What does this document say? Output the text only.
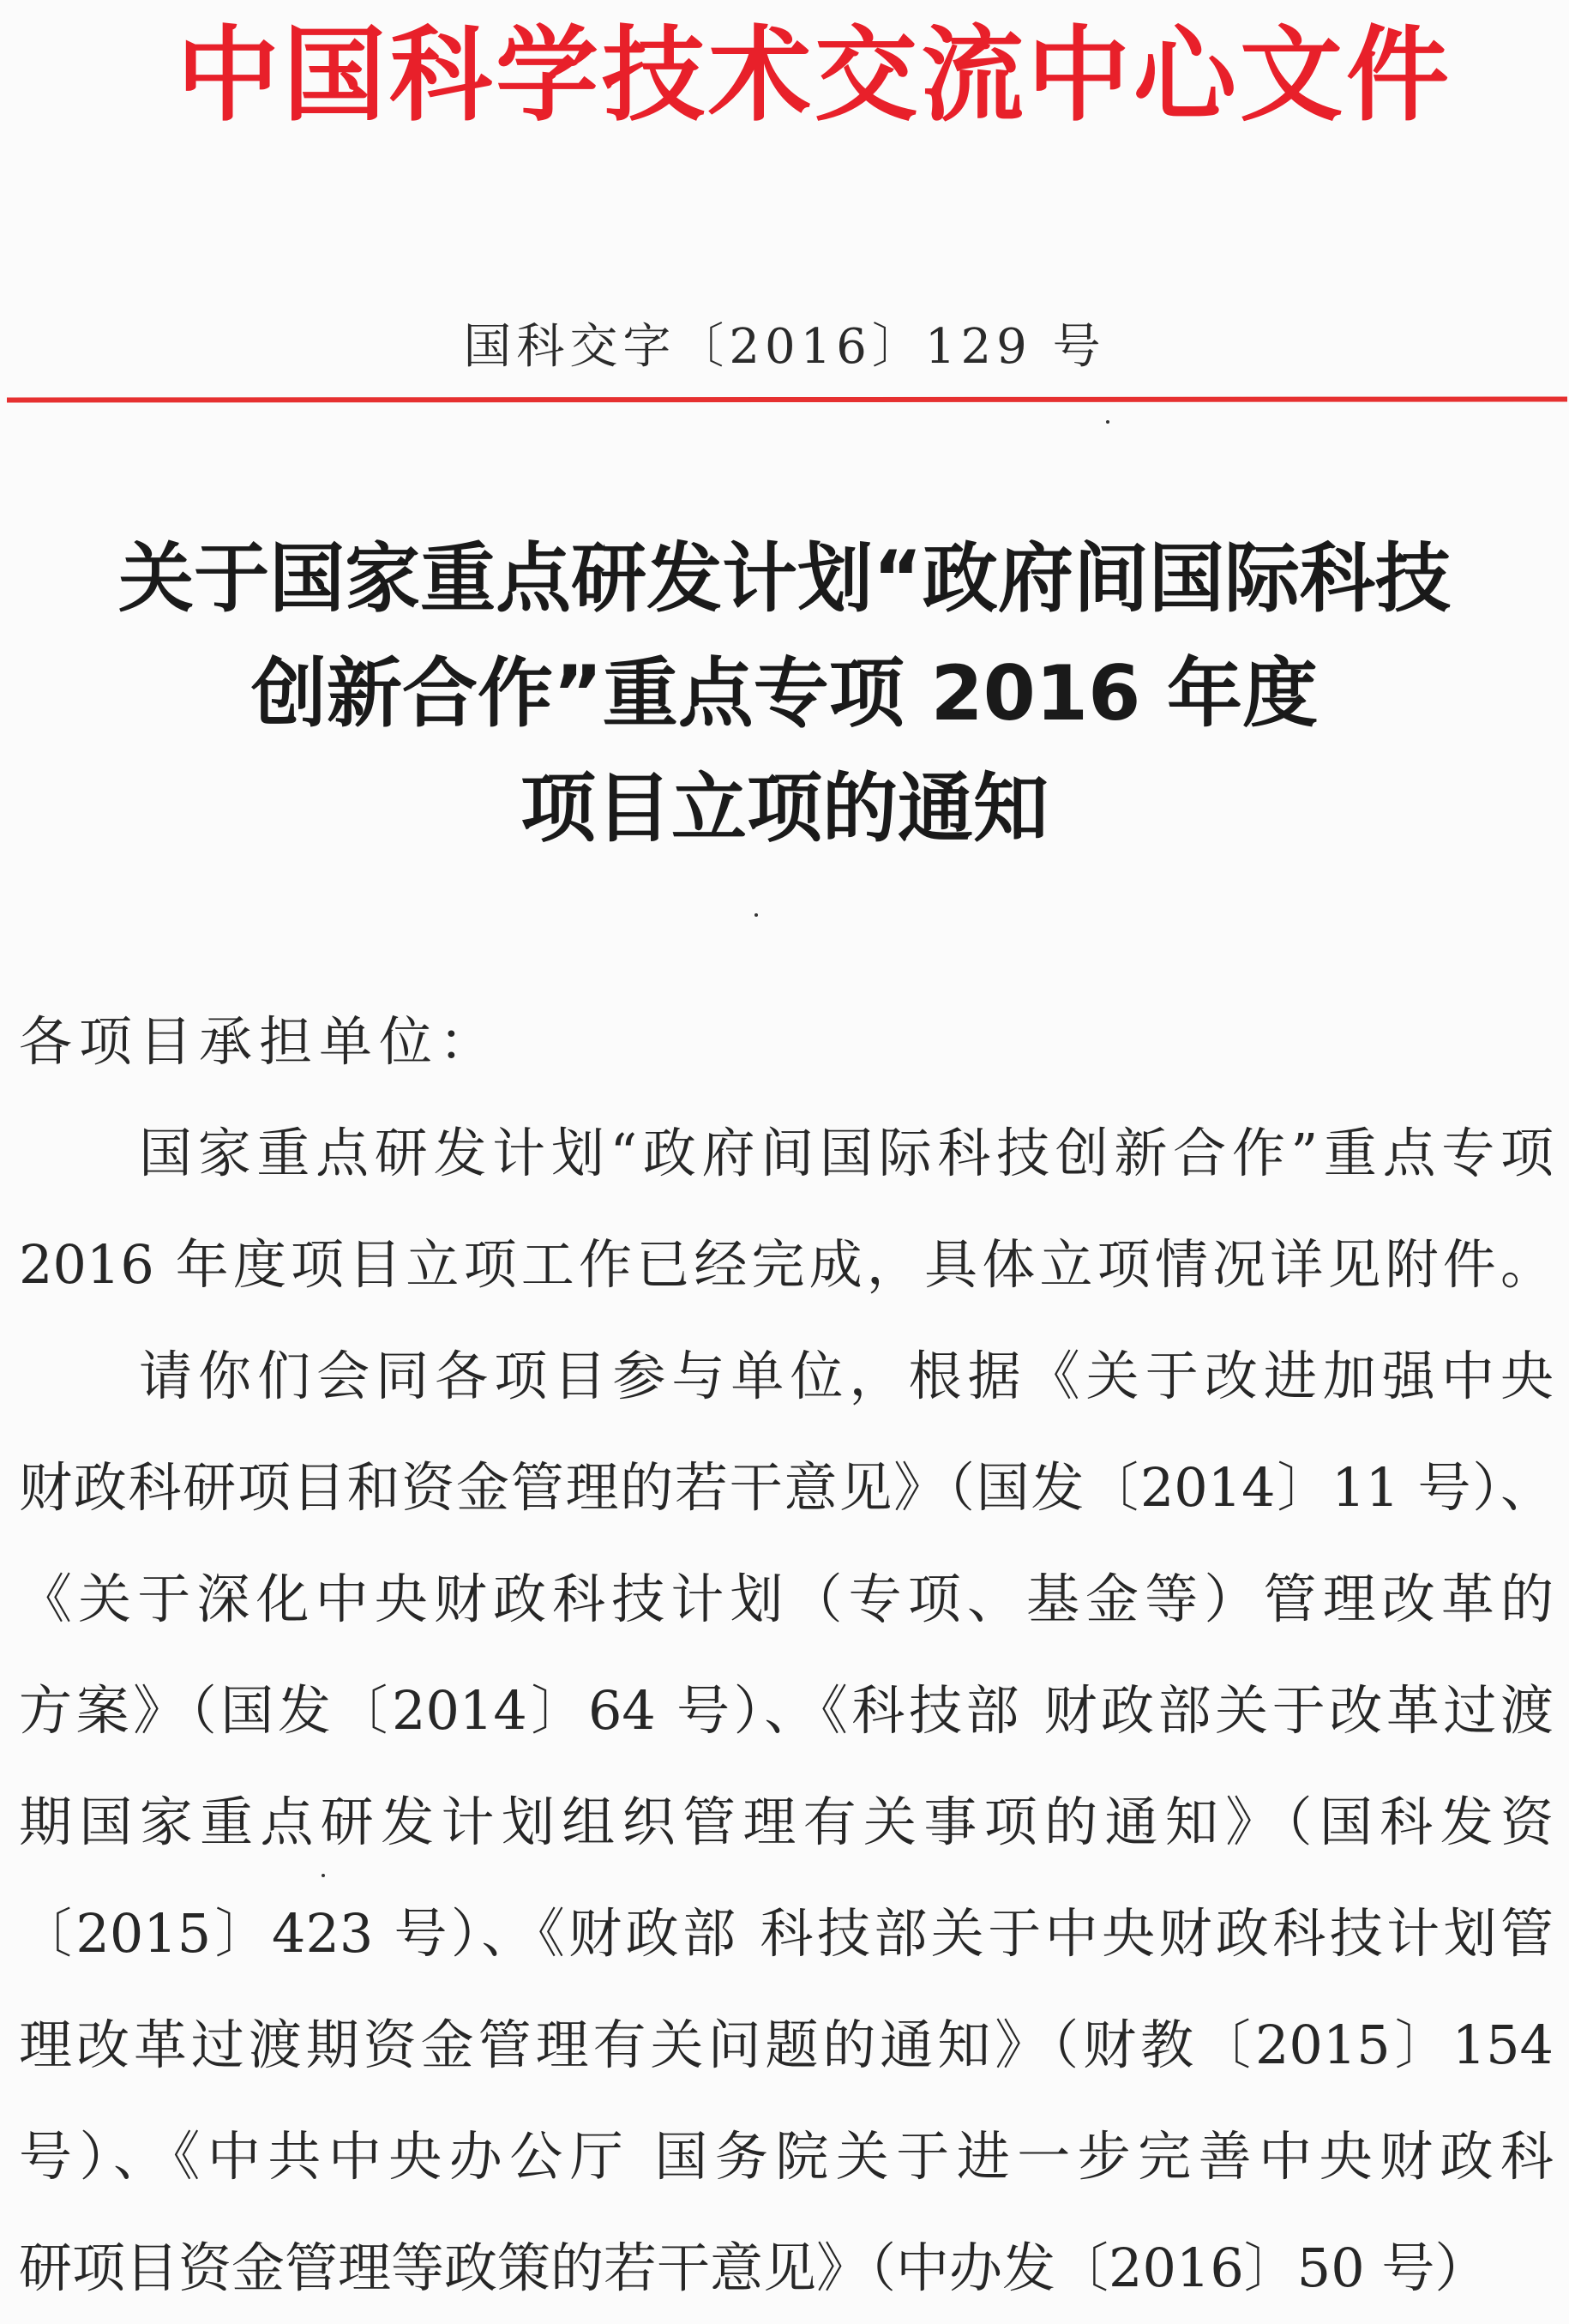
中国科学技术交流中心文件
国科交字〔2016〕129 号
关于国家重点研发计划“政府间国际科技
创新合作”重点专项 2016 年度
项目立项的通知
各项目承担单位：
国家重点研发计划“政府间国际科技创新合作”重点专项
2016 年度项目立项工作已经完成，具体立项情况详见附件。
请你们会同各项目参与单位，根据《关于改进加强中央
财政科研项目和资金管理的若干意见》（国发〔2014〕11 号）、
《关于深化中央财政科技计划（专项、基金等）管理改革的
方案》（国发〔2014〕64 号）、《科技部 财政部关于改革过渡
期国家重点研发计划组织管理有关事项的通知》（国科发资
〔2015〕423 号）、《财政部 科技部关于中央财政科技计划管
理改革过渡期资金管理有关问题的通知》（财教〔2015〕154
号）、《中共中央办公厅 国务院关于进一步完善中央财政科
研项目资金管理等政策的若干意见》（中办发〔2016〕50 号）
